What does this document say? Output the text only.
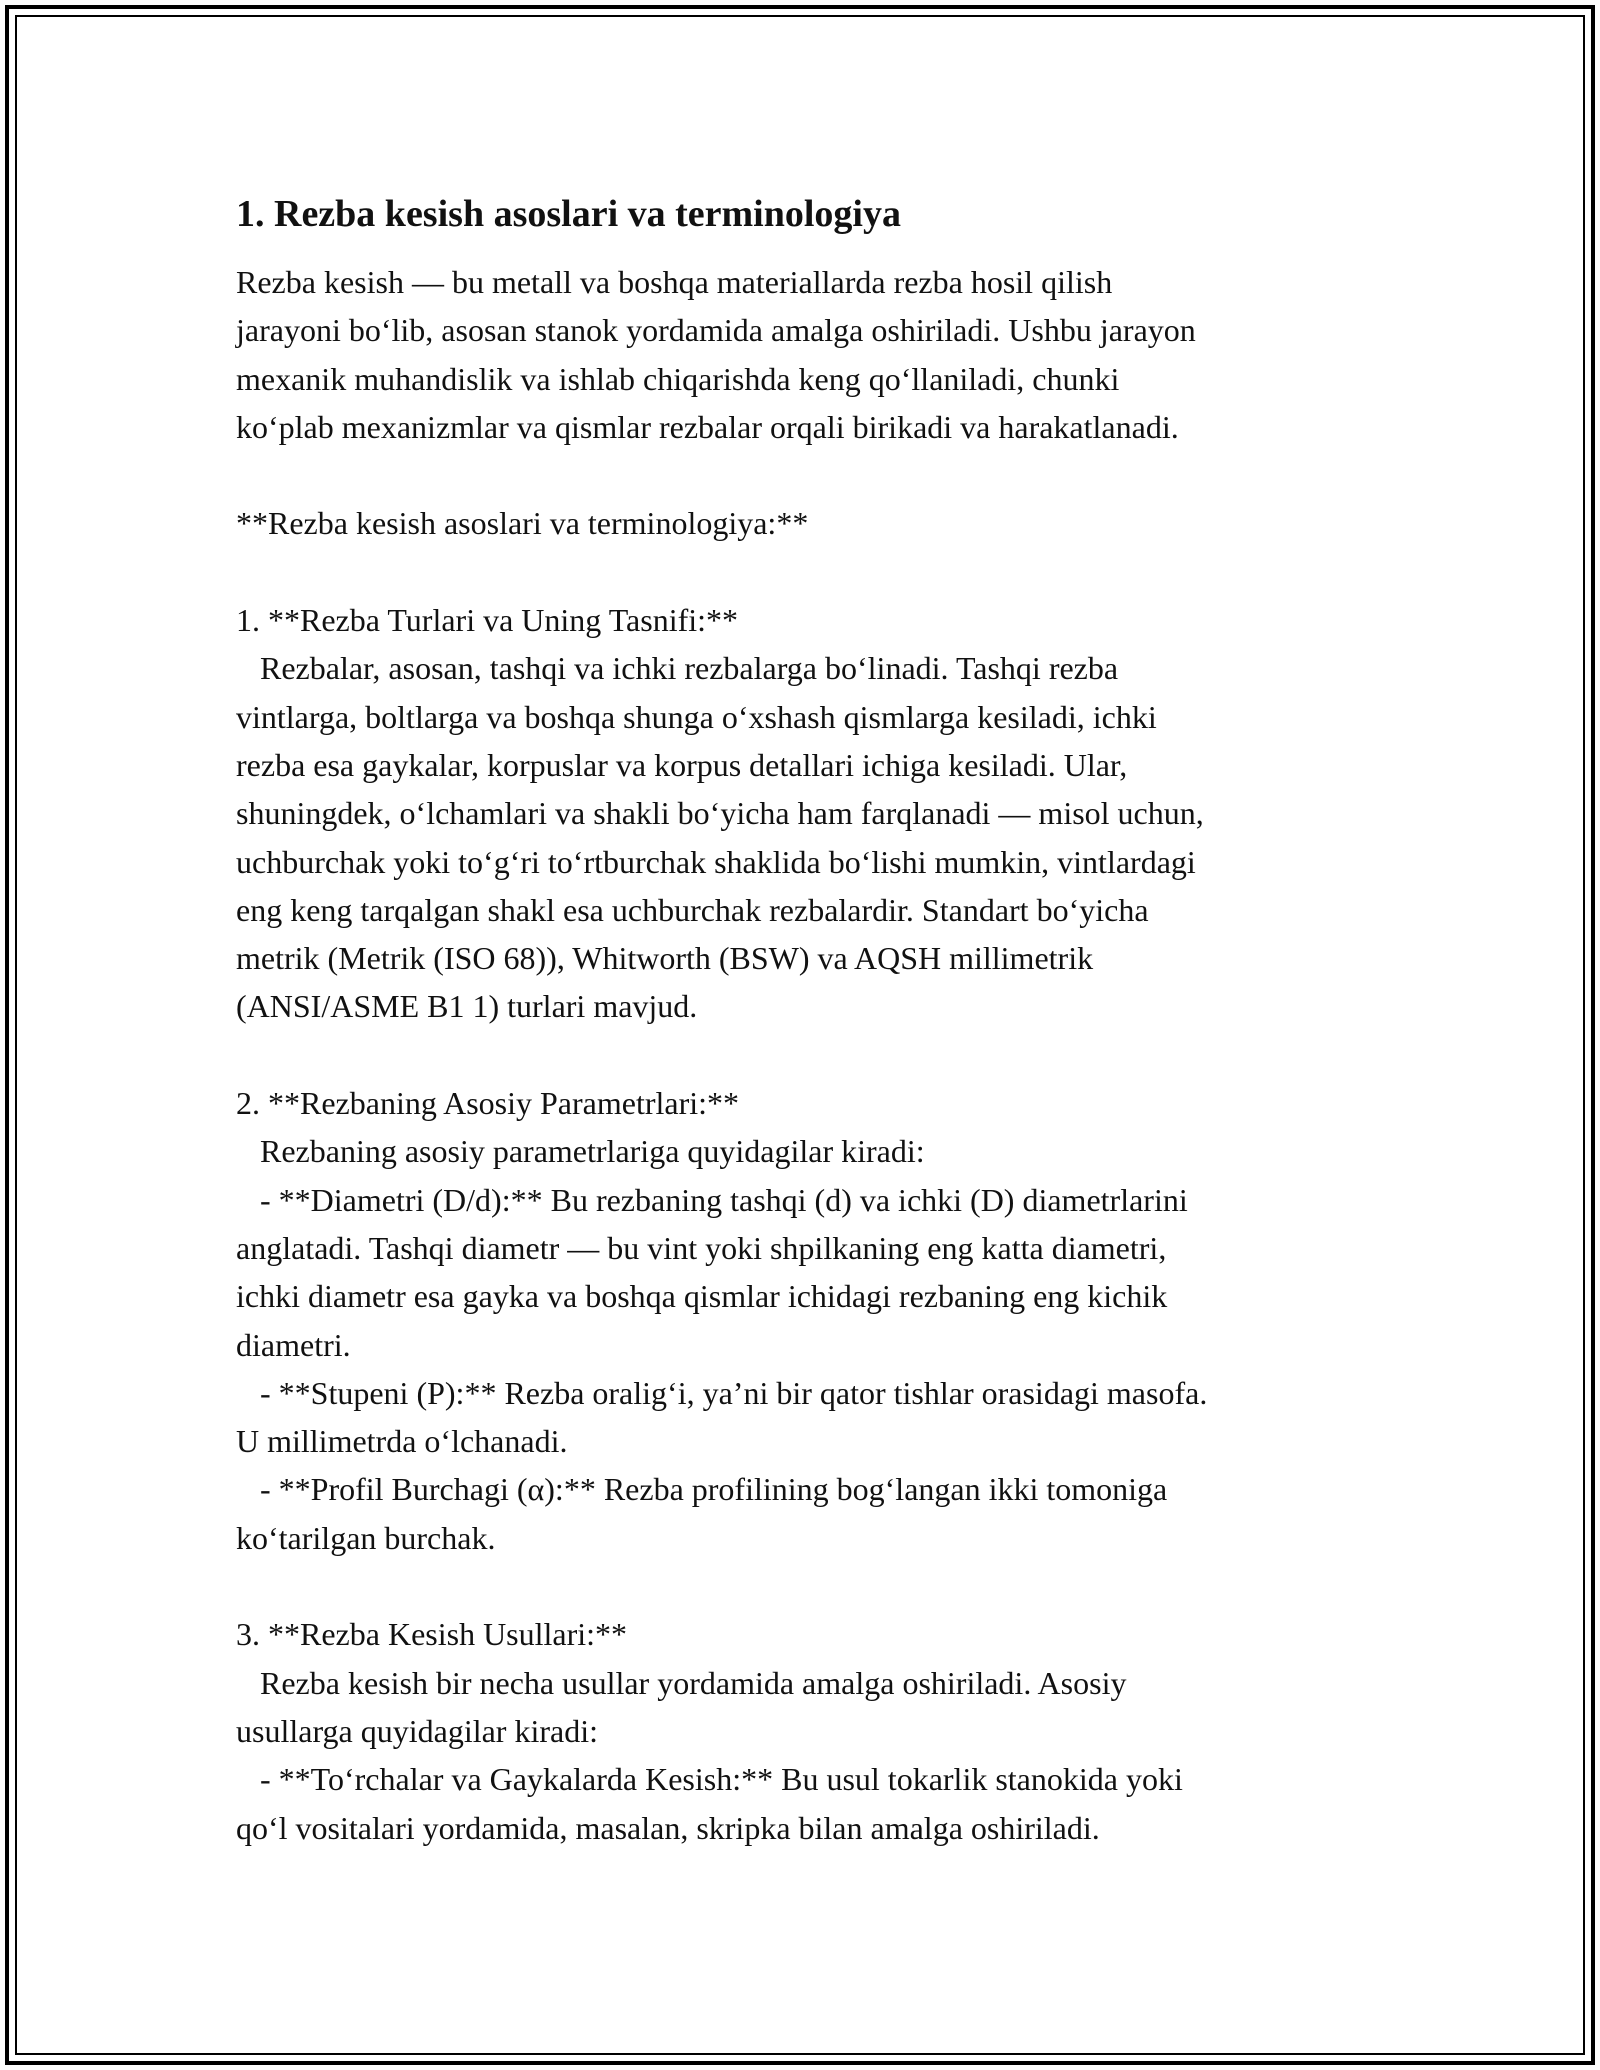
1. Rezba kesish asoslari va terminologiya

Rezba kesish — bu metall va boshqa materiallarda rezba hosil qilish
jarayoni bo‘lib, asosan stanok yordamida amalga oshiriladi. Ushbu jarayon
mexanik muhandislik va ishlab chiqarishda keng qo‘llaniladi, chunki
ko‘plab mexanizmlar va qismlar rezbalar orqali birikadi va harakatlanadi.

**Rezba kesish asoslari va terminologiya:**

1. **Rezba Turlari va Uning Tasnifi:**
Rezbalar, asosan, tashqi va ichki rezbalarga bo‘linadi. Tashqi rezba
vintlarga, boltlarga va boshqa shunga o‘xshash qismlarga kesiladi, ichki
rezba esa gaykalar, korpuslar va korpus detallari ichiga kesiladi. Ular,
shuningdek, o‘lchamlari va shakli bo‘yicha ham farqlanadi — misol uchun,
uchburchak yoki to‘g‘ri to‘rtburchak shaklida bo‘lishi mumkin, vintlardagi
eng keng tarqalgan shakl esa uchburchak rezbalardir. Standart bo‘yicha
metrik (Metrik (ISO 68)), Whitworth (BSW) va AQSH millimetrik
(ANSI/ASME B1 1) turlari mavjud.

2. **Rezbaning Asosiy Parametrlari:**
Rezbaning asosiy parametrlariga quyidagilar kiradi:
- **Diametri (D/d):** Bu rezbaning tashqi (d) va ichki (D) diametrlarini
anglatadi. Tashqi diametr — bu vint yoki shpilkaning eng katta diametri,
ichki diametr esa gayka va boshqa qismlar ichidagi rezbaning eng kichik
diametri.
- **Stupeni (P):** Rezba oralig‘i, ya’ni bir qator tishlar orasidagi masofa.
U millimetrda o‘lchanadi.
- **Profil Burchagi (α):** Rezba profilining bog‘langan ikki tomoniga
ko‘tarilgan burchak.

3. **Rezba Kesish Usullari:**
Rezba kesish bir necha usullar yordamida amalga oshiriladi. Asosiy
usullarga quyidagilar kiradi:
- **To‘rchalar va Gaykalarda Kesish:** Bu usul tokarlik stanokida yoki
qo‘l vositalari yordamida, masalan, skripka bilan amalga oshiriladi.
